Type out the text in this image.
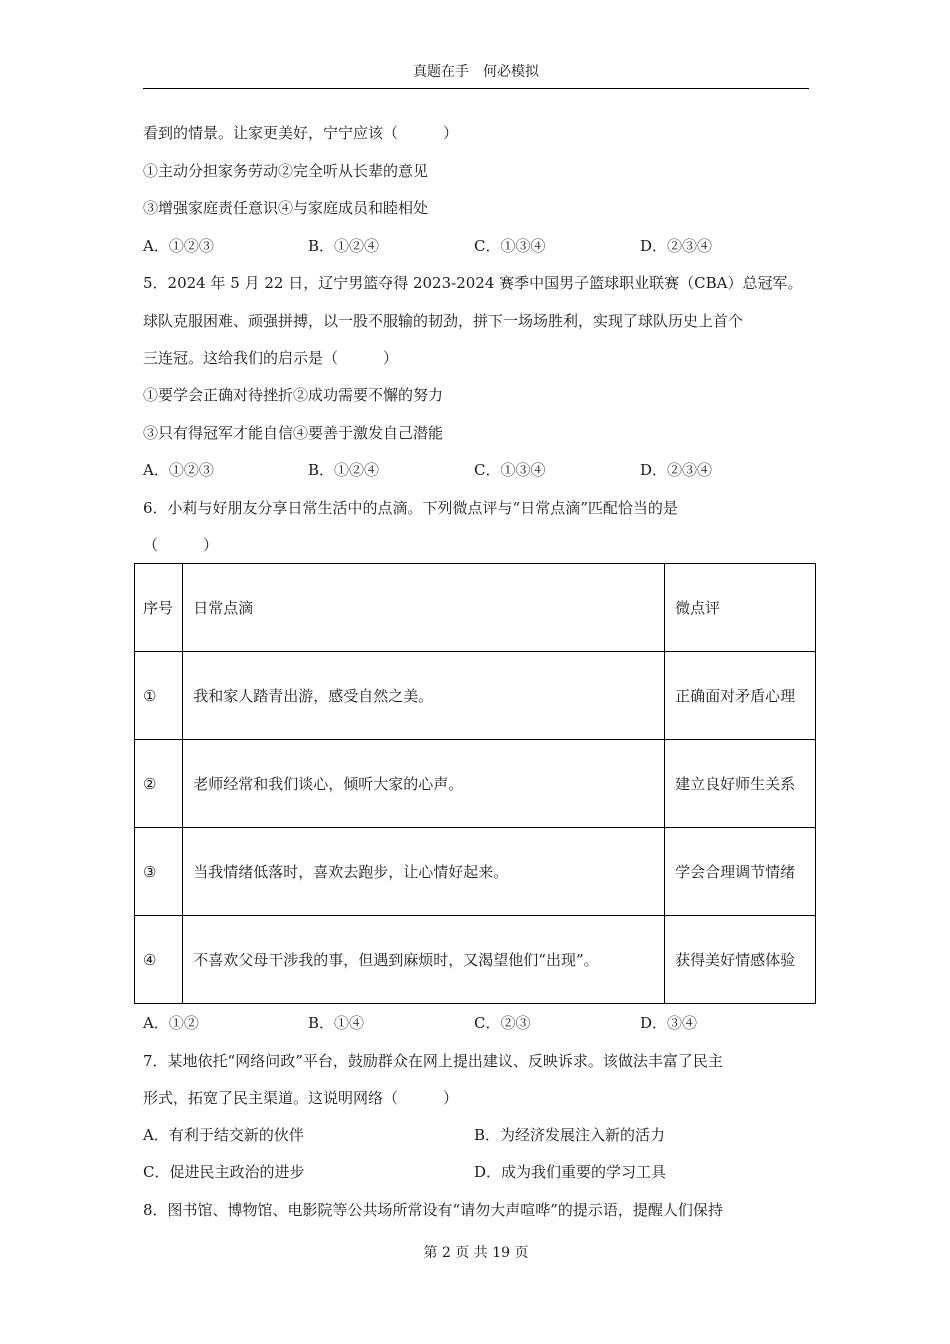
真题在手　何必模拟
看到的情景。让家更美好，宁宁应该（　　　）
①主动分担家务劳动②完全听从长辈的意见
③增强家庭责任意识④与家庭成员和睦相处
A．①②③	B．①②④	C．①③④	D．②③④
5．2024 年 5 月 22 日，辽宁男篮夺得 2023-2024 赛季中国男子篮球职业联赛（CBA）总冠军。
球队克服困难、顽强拼搏，以一股不服输的韧劲，拼下一场场胜利，实现了球队历史上首个
三连冠。这给我们的启示是（　　　）
①要学会正确对待挫折②成功需要不懈的努力
③只有得冠军才能自信④要善于激发自己潜能
A．①②③	B．①②④	C．①③④	D．②③④
6．小莉与好朋友分享日常生活中的点滴。下列微点评与“日常点滴”匹配恰当的是
（　　　）
序号	日常点滴	微点评
①	我和家人踏青出游，感受自然之美。	正确面对矛盾心理
②	老师经常和我们谈心，倾听大家的心声。	建立良好师生关系
③	当我情绪低落时，喜欢去跑步，让心情好起来。	学会合理调节情绪
④	不喜欢父母干涉我的事，但遇到麻烦时，又渴望他们“出现”。	获得美好情感体验
A．①②	B．①④	C．②③	D．③④
7．某地依托“网络问政”平台，鼓励群众在网上提出建议、反映诉求。该做法丰富了民主
形式，拓宽了民主渠道。这说明网络（　　　）
A．有利于结交新的伙伴	B．为经济发展注入新的活力
C．促进民主政治的进步	D．成为我们重要的学习工具
8．图书馆、博物馆、电影院等公共场所常设有“请勿大声喧哗”的提示语，提醒人们保持
第 2 页 共 19 页
